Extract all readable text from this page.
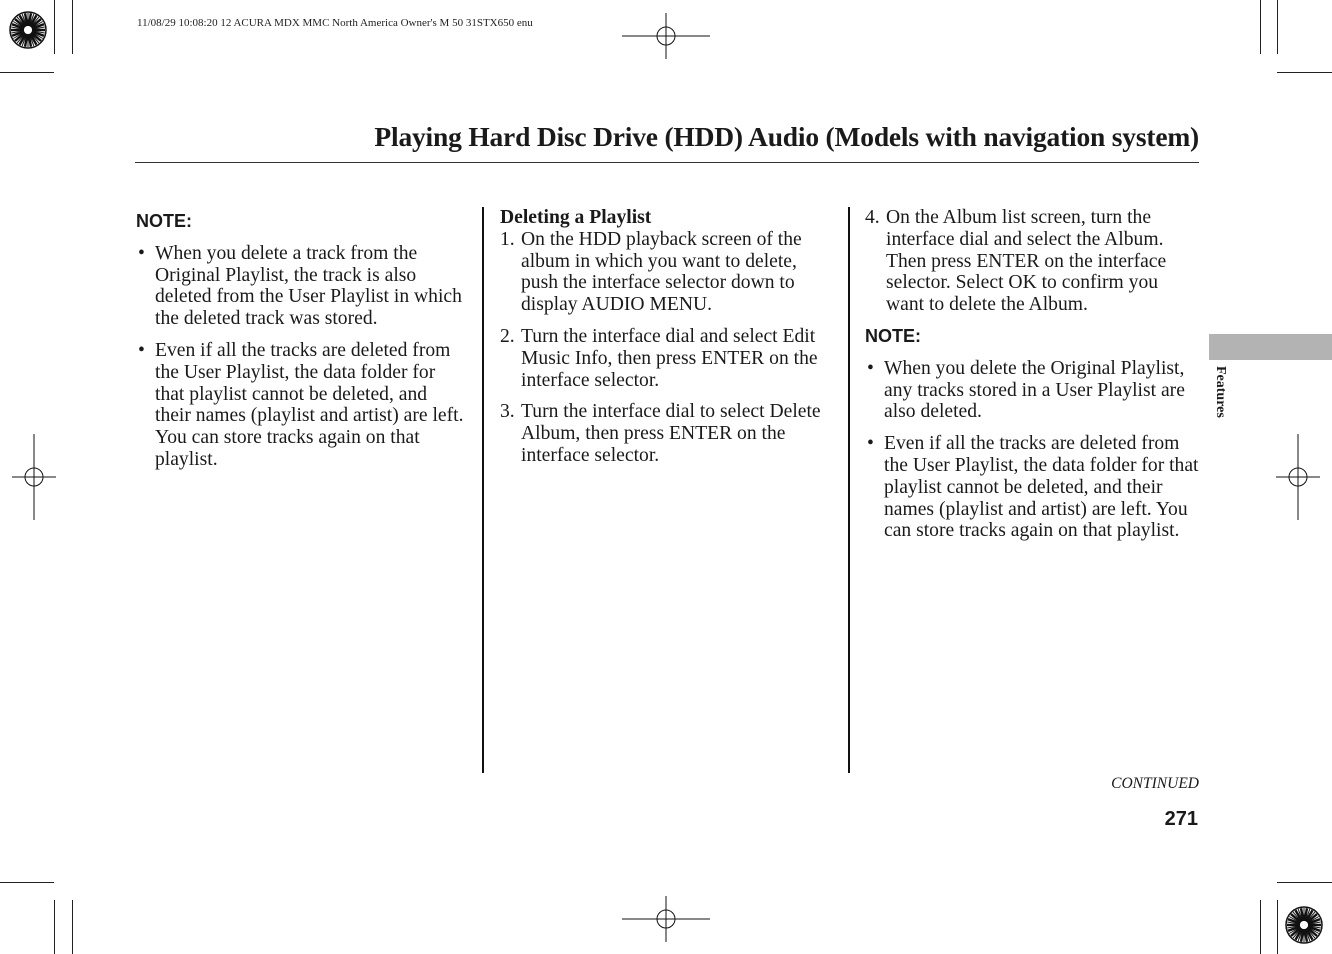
11/08/29 10:08:20 12 ACURA MDX MMC North America Owner's M 50 31STX650 enu
Playing Hard Disc Drive (HDD) Audio (Models with navigation system)
NOTE:
• When you delete a track from the Original Playlist, the track is also deleted from the User Playlist in which the deleted track was stored.
• Even if all the tracks are deleted from the User Playlist, the data folder for that playlist cannot be deleted, and their names (playlist and artist) are left. You can store tracks again on that playlist.
Deleting a Playlist
1. On the HDD playback screen of the album in which you want to delete, push the interface selector down to display AUDIO MENU.
2. Turn the interface dial and select Edit Music Info, then press ENTER on the interface selector.
3. Turn the interface dial to select Delete Album, then press ENTER on the interface selector.
4. On the Album list screen, turn the interface dial and select the Album. Then press ENTER on the interface selector. Select OK to confirm you want to delete the Album.
NOTE:
• When you delete the Original Playlist, any tracks stored in a User Playlist are also deleted.
• Even if all the tracks are deleted from the User Playlist, the data folder for that playlist cannot be deleted, and their names (playlist and artist) are left. You can store tracks again on that playlist.
Features
CONTINUED
271
